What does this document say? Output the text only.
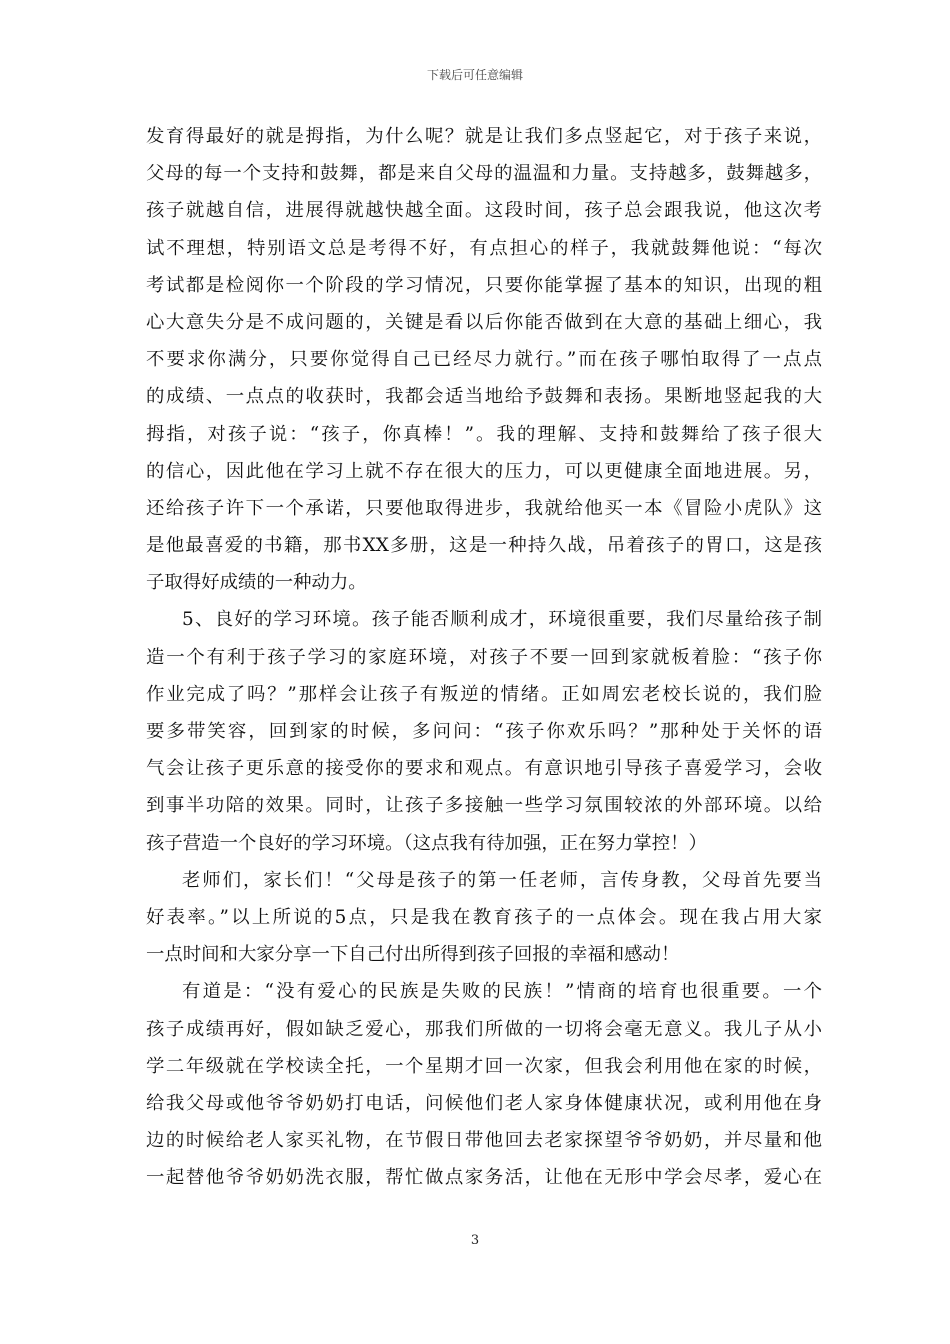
下载后可任意编辑
发育得最好的就是拇指，为什么呢？就是让我们多点竖起它，对于孩子来说，
父母的每一个支持和鼓舞，都是来自父母的温温和力量。支持越多，鼓舞越多，
孩子就越自信，进展得就越快越全面。这段时间，孩子总会跟我说，他这次考
试不理想，特别语文总是考得不好，有点担心的样子，我就鼓舞他说：“每次
考试都是检阅你一个阶段的学习情况，只要你能掌握了基本的知识，出现的粗
心大意失分是不成问题的，关键是看以后你能否做到在大意的基础上细心，我
不要求你满分，只要你觉得自己已经尽力就行。”而在孩子哪怕取得了一点点
的成绩、一点点的收获时，我都会适当地给予鼓舞和表扬。果断地竖起我的大
拇指，对孩子说：“孩子，你真棒！”。我的理解、支持和鼓舞给了孩子很大
的信心，因此他在学习上就不存在很大的压力，可以更健康全面地进展。另，
还给孩子许下一个承诺，只要他取得进步，我就给他买一本《冒险小虎队》这
是他最喜爱的书籍，那书XX多册，这是一种持久战，吊着孩子的胃口，这是孩
子取得好成绩的一种动力。
5、良好的学习环境。孩子能否顺利成才，环境很重要，我们尽量给孩子制
造一个有利于孩子学习的家庭环境，对孩子不要一回到家就板着脸：“孩子你
作业完成了吗？”那样会让孩子有叛逆的情绪。正如周宏老校长说的，我们脸
要多带笑容，回到家的时候，多问问：“孩子你欢乐吗？”那种处于关怀的语
气会让孩子更乐意的接受你的要求和观点。有意识地引导孩子喜爱学习，会收
到事半功陪的效果。同时，让孩子多接触一些学习氛围较浓的外部环境。以给
孩子营造一个良好的学习环境。（这点我有待加强，正在努力掌控！）
老师们，家长们！“父母是孩子的第一任老师，言传身教，父母首先要当
好表率。”以上所说的5点，只是我在教育孩子的一点体会。现在我占用大家
一点时间和大家分享一下自己付出所得到孩子回报的幸福和感动！
有道是：“没有爱心的民族是失败的民族！”情商的培育也很重要。一个
孩子成绩再好，假如缺乏爱心，那我们所做的一切将会毫无意义。我儿子从小
学二年级就在学校读全托，一个星期才回一次家，但我会利用他在家的时候，
给我父母或他爷爷奶奶打电话，问候他们老人家身体健康状况，或利用他在身
边的时候给老人家买礼物，在节假日带他回去老家探望爷爷奶奶，并尽量和他
一起替他爷爷奶奶洗衣服，帮忙做点家务活，让他在无形中学会尽孝，爱心在
3
